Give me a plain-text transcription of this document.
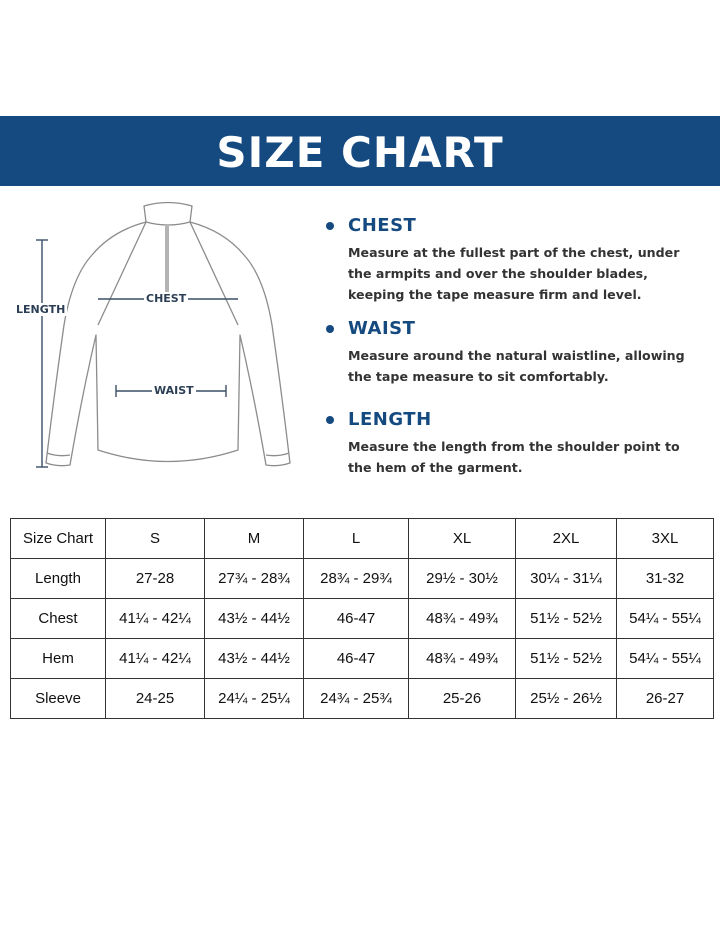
SIZE CHART
LENGTH
CHEST
WAIST
CHEST
Measure at the fullest part of the chest, under the armpits and over the shoulder blades, keeping the tape measure firm and level.
WAIST
Measure around the natural waistline, allowing the tape measure to sit comfortably.
LENGTH
Measure the length from the shoulder point to the hem of the garment.
Size Chart	S	M	L	XL	2XL	3XL
Length	27-28	27¾ - 28¾	28¾ - 29¾	29½ - 30½	30¼ - 31¼	31-32
Chest	41¼ - 42¼	43½ - 44½	46-47	48¾ - 49¾	51½ - 52½	54¼ - 55¼
Hem	41¼ - 42¼	43½ - 44½	46-47	48¾ - 49¾	51½ - 52½	54¼ - 55¼
Sleeve	24-25	24¼ - 25¼	24¾ - 25¾	25-26	25½ - 26½	26-27
